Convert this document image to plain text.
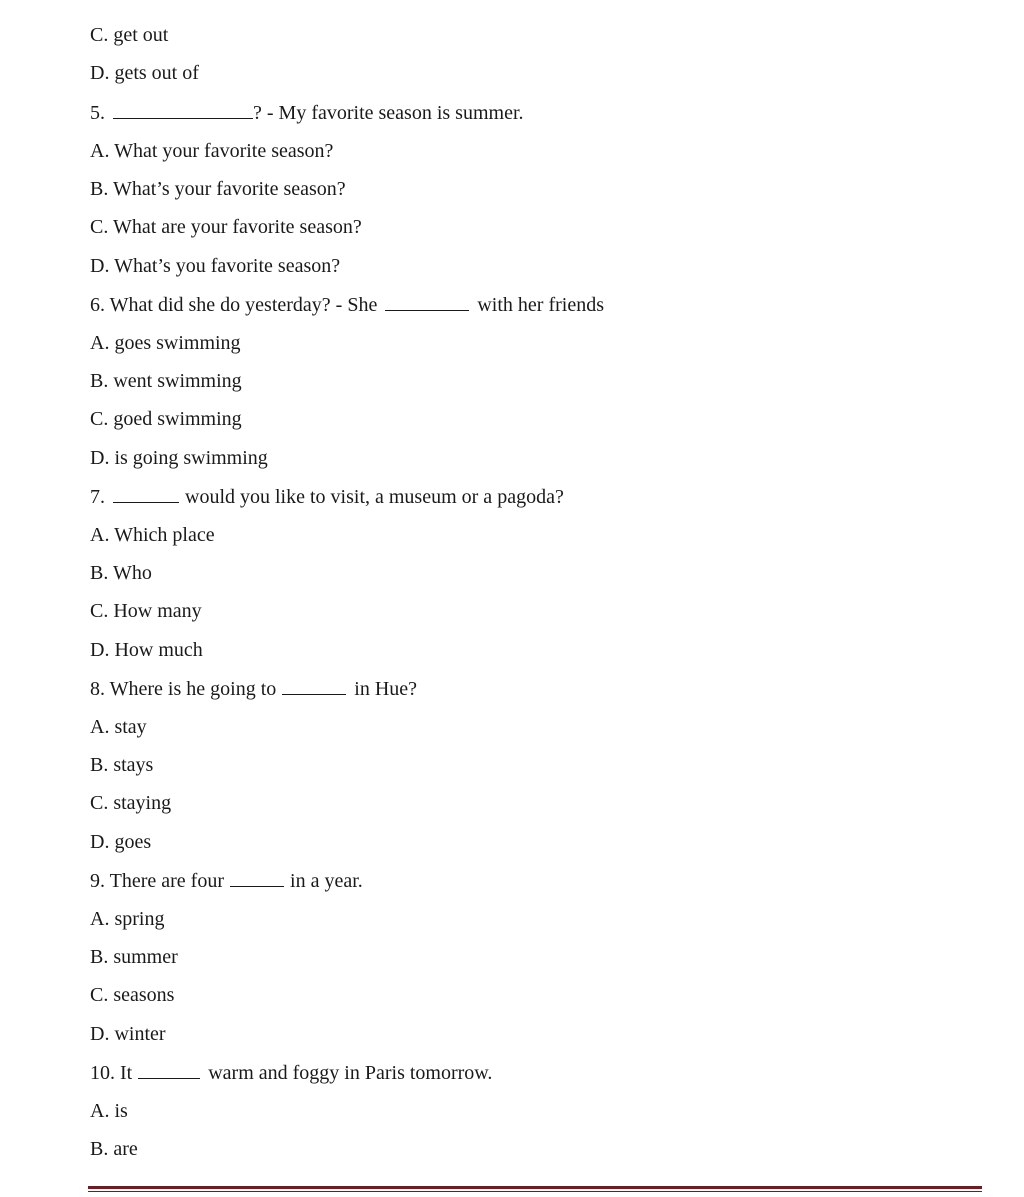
C. get out
D. gets out of
5.	? - My favorite season is summer.
A. What your favorite season?
B. What’s your favorite season?
C. What are your favorite season?
D. What’s you favorite season?
6. What did she do yesterday? - She	with her friends
A. goes swimming
B. went swimming
C. goed swimming
D. is going swimming
7.	would you like to visit, a museum or a pagoda?
A. Which place
B. Who
C. How many
D. How much
8. Where is he going to	in Hue?
A. stay
B. stays
C. staying
D. goes
9. There are four	in a year.
A. spring
B. summer
C. seasons
D. winter
10. It	warm and foggy in Paris tomorrow.
A. is
B. are
